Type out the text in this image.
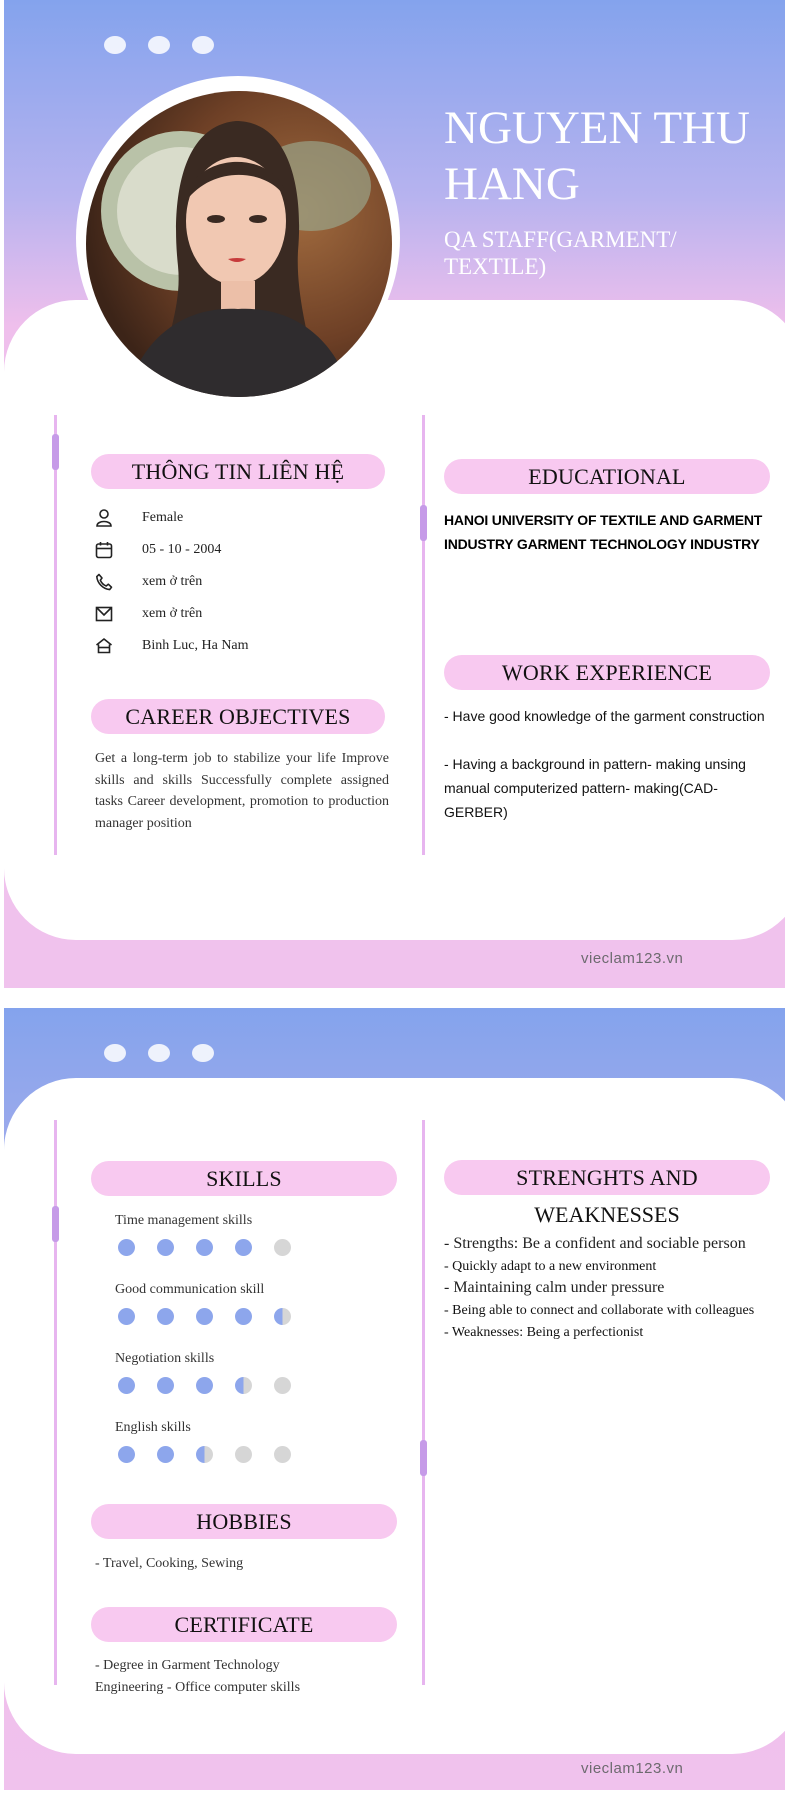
NGUYEN THU HANG
QA STAFF(GARMENT/ TEXTILE)
THÔNG TIN LIÊN HỆ
Female
05 - 10 - 2004
xem ở trên
xem ở trên
Binh Luc, Ha Nam
CAREER OBJECTIVES
Get a long-term job to stabilize your life Improve skills and skills Successfully complete assigned tasks Career development, promotion to production manager position
EDUCATIONAL
HANOI UNIVERSITY OF TEXTILE AND GARMENT INDUSTRY GARMENT TECHNOLOGY INDUSTRY
WORK EXPERIENCE
- Have good knowledge of the garment construction
- Having a background in pattern- making unsing manual computerized pattern- making(CAD-GERBER)
vieclam123.vn
SKILLS
Time management skills
Good communication skill
Negotiation skills
English skills
HOBBIES
- Travel, Cooking, Sewing
CERTIFICATE
- Degree in Garment Technology
Engineering - Office computer skills
STRENGHTS AND
WEAKNESSES
- Strengths: Be a confident and sociable person
- Quickly adapt to a new environment
- Maintaining calm under pressure
- Being able to connect and collaborate with colleagues
- Weaknesses: Being a perfectionist
vieclam123.vn
